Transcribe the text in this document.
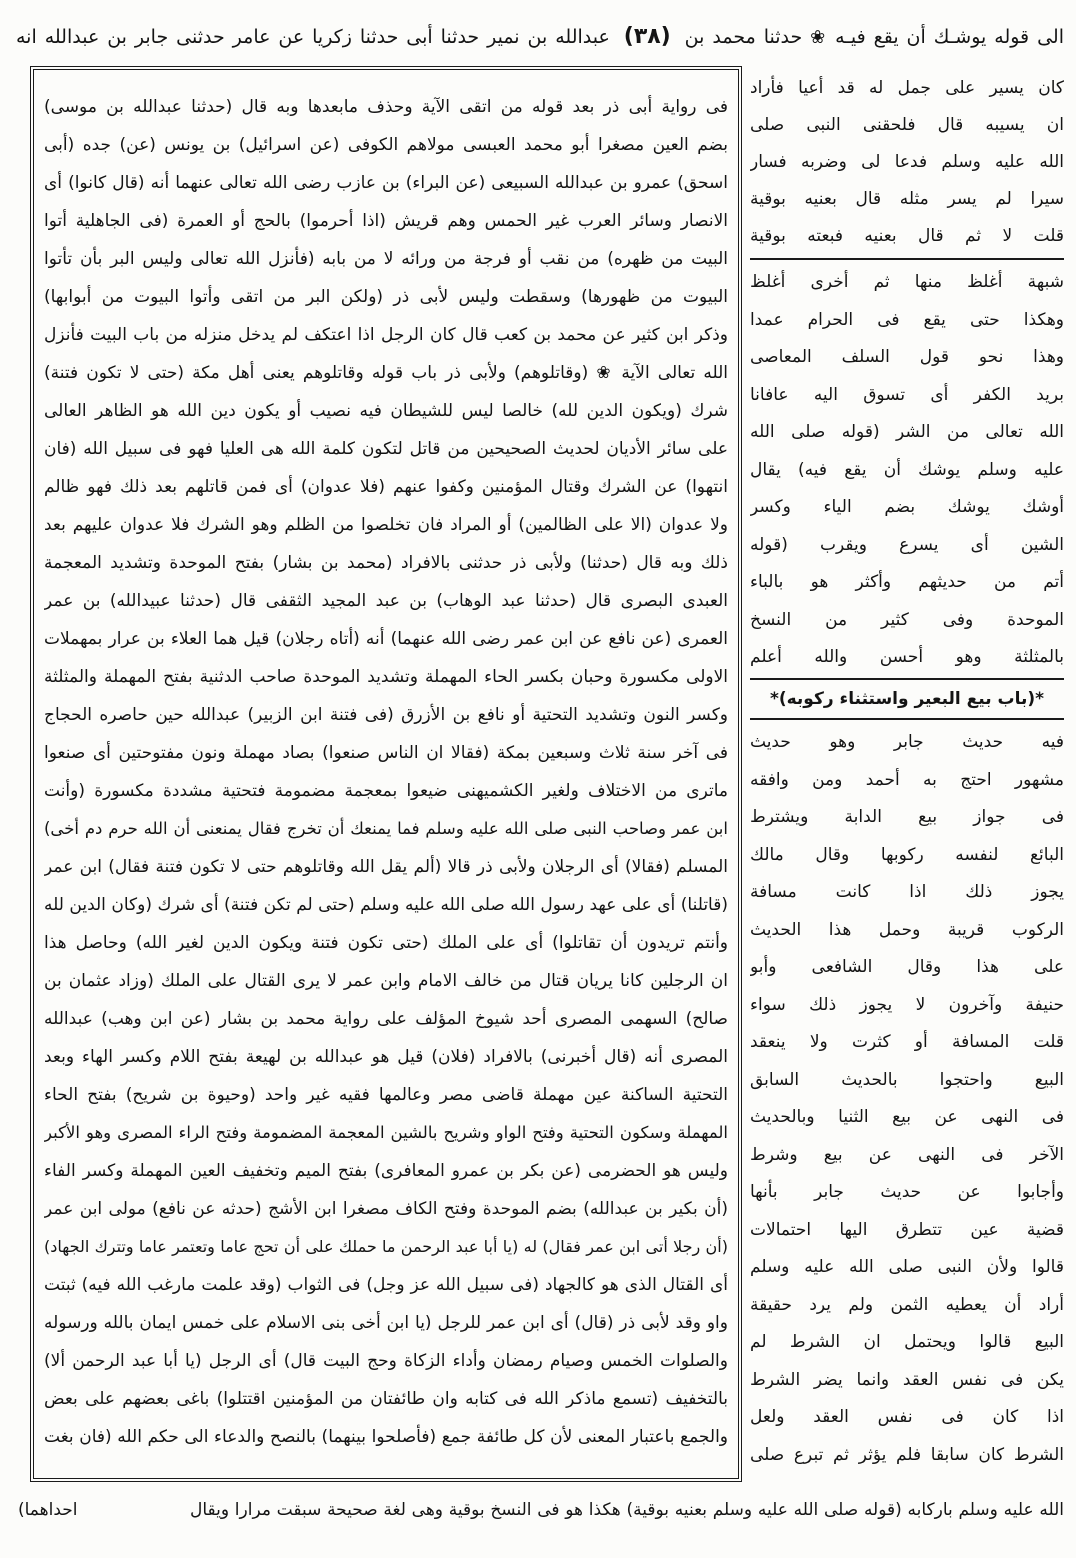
الى قوله يوشـك أن يقع فيـه ❀ حدثنا محمد بن (٣٨) عبدالله بن نمير حدثنا أبى حدثنا زكريا عن عامر حدثنى جابر بن عبدالله انه
كان يسير على جمل له قد أعيا فأراد
ان يسيبه قال فلحقنى النبى صلى
الله عليه وسلم فدعا لى وضربه فسار
سيرا لم يسر مثله قال بعنيه بوقية
قلت لا ثم قال بعنيه فبعته بوقية
شبهة أغلظ منها ثم أخرى أغلظ
وهكذا حتى يقع فى الحرام عمدا
وهذا نحو قول السلف المعاصى
بريد الكفر أى تسوق اليه عافانا
الله تعالى من الشر (قوله صلى الله
عليه وسلم يوشك أن يقع فيه) يقال
أوشك يوشك بضم الياء وكسر
الشين أى يسرع ويقرب (قوله
أتم من حديثهم وأكثر هو بالباء
الموحدة وفى كثير من النسخ
بالمثلثة وهو أحسن والله أعلم
*(باب بيع البعير واستثناء ركوبه)*
فيه حديث جابر وهو حديث
مشهور احتج به أحمد ومن وافقه
فى جواز بيع الدابة ويشترط
البائع لنفسه ركوبها وقال مالك
يجوز ذلك اذا كانت مسافة
الركوب قريبة وحمل هذا الحديث
على هذا وقال الشافعى وأبو
حنيفة وآخرون لا يجوز ذلك سواء
قلت المسافة أو كثرت ولا ينعقد
البيع واحتجوا بالحديث السابق
فى النهى عن بيع الثنيا وبالحديث
الآخر فى النهى عن بيع وشرط
وأجابوا عن حديث جابر بأنها
قضية عين تتطرق اليها احتمالات
قالوا ولأن النبى صلى الله عليه وسلم
أراد أن يعطيه الثمن ولم يرد حقيقة
البيع قالوا ويحتمل ان الشرط لم
يكن فى نفس العقد وانما يضر الشرط
اذا كان فى نفس العقد ولعل
الشرط كان سابقا فلم يؤثر ثم تبرع صلى
فى رواية أبى ذر بعد قوله من اتقى الآية وحذف مابعدها وبه قال (حدثنا عبدالله بن موسى)
بضم العين مصغرا أبو محمد العبسى مولاهم الكوفى (عن اسرائيل) بن يونس (عن) جده (أبى
اسحق) عمرو بن عبدالله السبيعى (عن البراء) بن عازب رضى الله تعالى عنهما أنه (قال كانوا) أى
الانصار وسائر العرب غير الحمس وهم قريش (اذا أحرموا) بالحج أو العمرة (فى الجاهلية أتوا
البيت من ظهره) من نقب أو فرجة من ورائه لا من بابه (فأنزل الله تعالى وليس البر بأن تأتوا
البيوت من ظهورها) وسقطت وليس لأبى ذر (ولكن البر من اتقى وأتوا البيوت من أبوابها)
وذكر ابن كثير عن محمد بن كعب قال كان الرجل اذا اعتكف لم يدخل منزله من باب البيت فأنزل
الله تعالى الآية ❀ (وقاتلوهم) ولأبى ذر باب قوله وقاتلوهم يعنى أهل مكة (حتى لا تكون فتنة)
شرك (ويكون الدين لله) خالصا ليس للشيطان فيه نصيب أو يكون دين الله هو الظاهر العالى
على سائر الأديان لحديث الصحيحين من قاتل لتكون كلمة الله هى العليا فهو فى سبيل الله (فان
انتهوا) عن الشرك وقتال المؤمنين وكفوا عنهم (فلا عدوان) أى فمن قاتلهم بعد ذلك فهو ظالم
ولا عدوان (الا على الظالمين) أو المراد فان تخلصوا من الظلم وهو الشرك فلا عدوان عليهم بعد
ذلك وبه قال (حدثنا) ولأبى ذر حدثنى بالافراد (محمد بن بشار) بفتح الموحدة وتشديد المعجمة
العبدى البصرى قال (حدثنا عبد الوهاب) بن عبد المجيد الثقفى قال (حدثنا عبيدالله) بن عمر
العمرى (عن نافع عن ابن عمر رضى الله عنهما) أنه (أتاه رجلان) قيل هما العلاء بن عرار بمهملات
الاولى مكسورة وحبان بكسر الحاء المهملة وتشديد الموحدة صاحب الدثنية بفتح المهملة والمثلثة
وكسر النون وتشديد التحتية أو نافع بن الأزرق (فى فتنة ابن الزبير) عبدالله حين حاصره الحجاج
فى آخر سنة ثلاث وسبعين بمكة (فقالا ان الناس صنعوا) بصاد مهملة ونون مفتوحتين أى صنعوا
ماترى من الاختلاف ولغير الكشميهنى ضيعوا بمعجمة مضمومة فتحتية مشددة مكسورة (وأنت
ابن عمر وصاحب النبى صلى الله عليه وسلم فما يمنعك أن تخرج فقال يمنعنى أن الله حرم دم أخى)
المسلم (فقالا) أى الرجلان ولأبى ذر قالا (ألم يقل الله وقاتلوهم حتى لا تكون فتنة فقال) ابن عمر
(قاتلنا) أى على عهد رسول الله صلى الله عليه وسلم (حتى لم تكن فتنة) أى شرك (وكان الدين لله
وأنتم تريدون أن تقاتلوا) أى على الملك (حتى تكون فتنة ويكون الدين لغير الله) وحاصل هذا
ان الرجلين كانا يريان قتال من خالف الامام وابن عمر لا يرى القتال على الملك (وزاد عثمان بن
صالح) السهمى المصرى أحد شيوخ المؤلف على رواية محمد بن بشار (عن ابن وهب) عبدالله
المصرى أنه (قال أخبرنى) بالافراد (فلان) قيل هو عبدالله بن لهيعة بفتح اللام وكسر الهاء وبعد
التحتية الساكنة عين مهملة قاضى مصر وعالمها فقيه غير واحد (وحيوة بن شريح) بفتح الحاء
المهملة وسكون التحتية وفتح الواو وشريح بالشين المعجمة المضمومة وفتح الراء المصرى وهو الأكبر
وليس هو الحضرمى (عن بكر بن عمرو المعافرى) بفتح الميم وتخفيف العين المهملة وكسر الفاء
(أن بكير بن عبدالله) بضم الموحدة وفتح الكاف مصغرا ابن الأشج (حدثه عن نافع) مولى ابن عمر
(أن رجلا أتى ابن عمر فقال) له (يا أبا عبد الرحمن ما حملك على أن تحج عاما وتعتمر عاما وتترك الجهاد)
أى القتال الذى هو كالجهاد (فى سبيل الله عز وجل) فى الثواب (وقد علمت مارغب الله فيه) ثبتت
واو وقد لأبى ذر (قال) أى ابن عمر للرجل (يا ابن أخى بنى الاسلام على خمس ايمان بالله ورسوله
والصلوات الخمس وصيام رمضان وأداء الزكاة وحج البيت قال) أى الرجل (يا أبا عبد الرحمن ألا)
بالتخفيف (تسمع ماذكر الله فى كتابه وان طائفتان من المؤمنين اقتتلوا) باغى بعضهم على بعض
والجمع باعتبار المعنى لأن كل طائفة جمع (فأصلحوا بينهما) بالنصح والدعاء الى حكم الله (فان بغت
الله عليه وسلم باركابه (قوله صلى الله عليه وسلم بعنيه بوقية) هكذا هو فى النسخ بوقية وهى لغة صحيحة سبقت مرارا ويقال
احداهما)
